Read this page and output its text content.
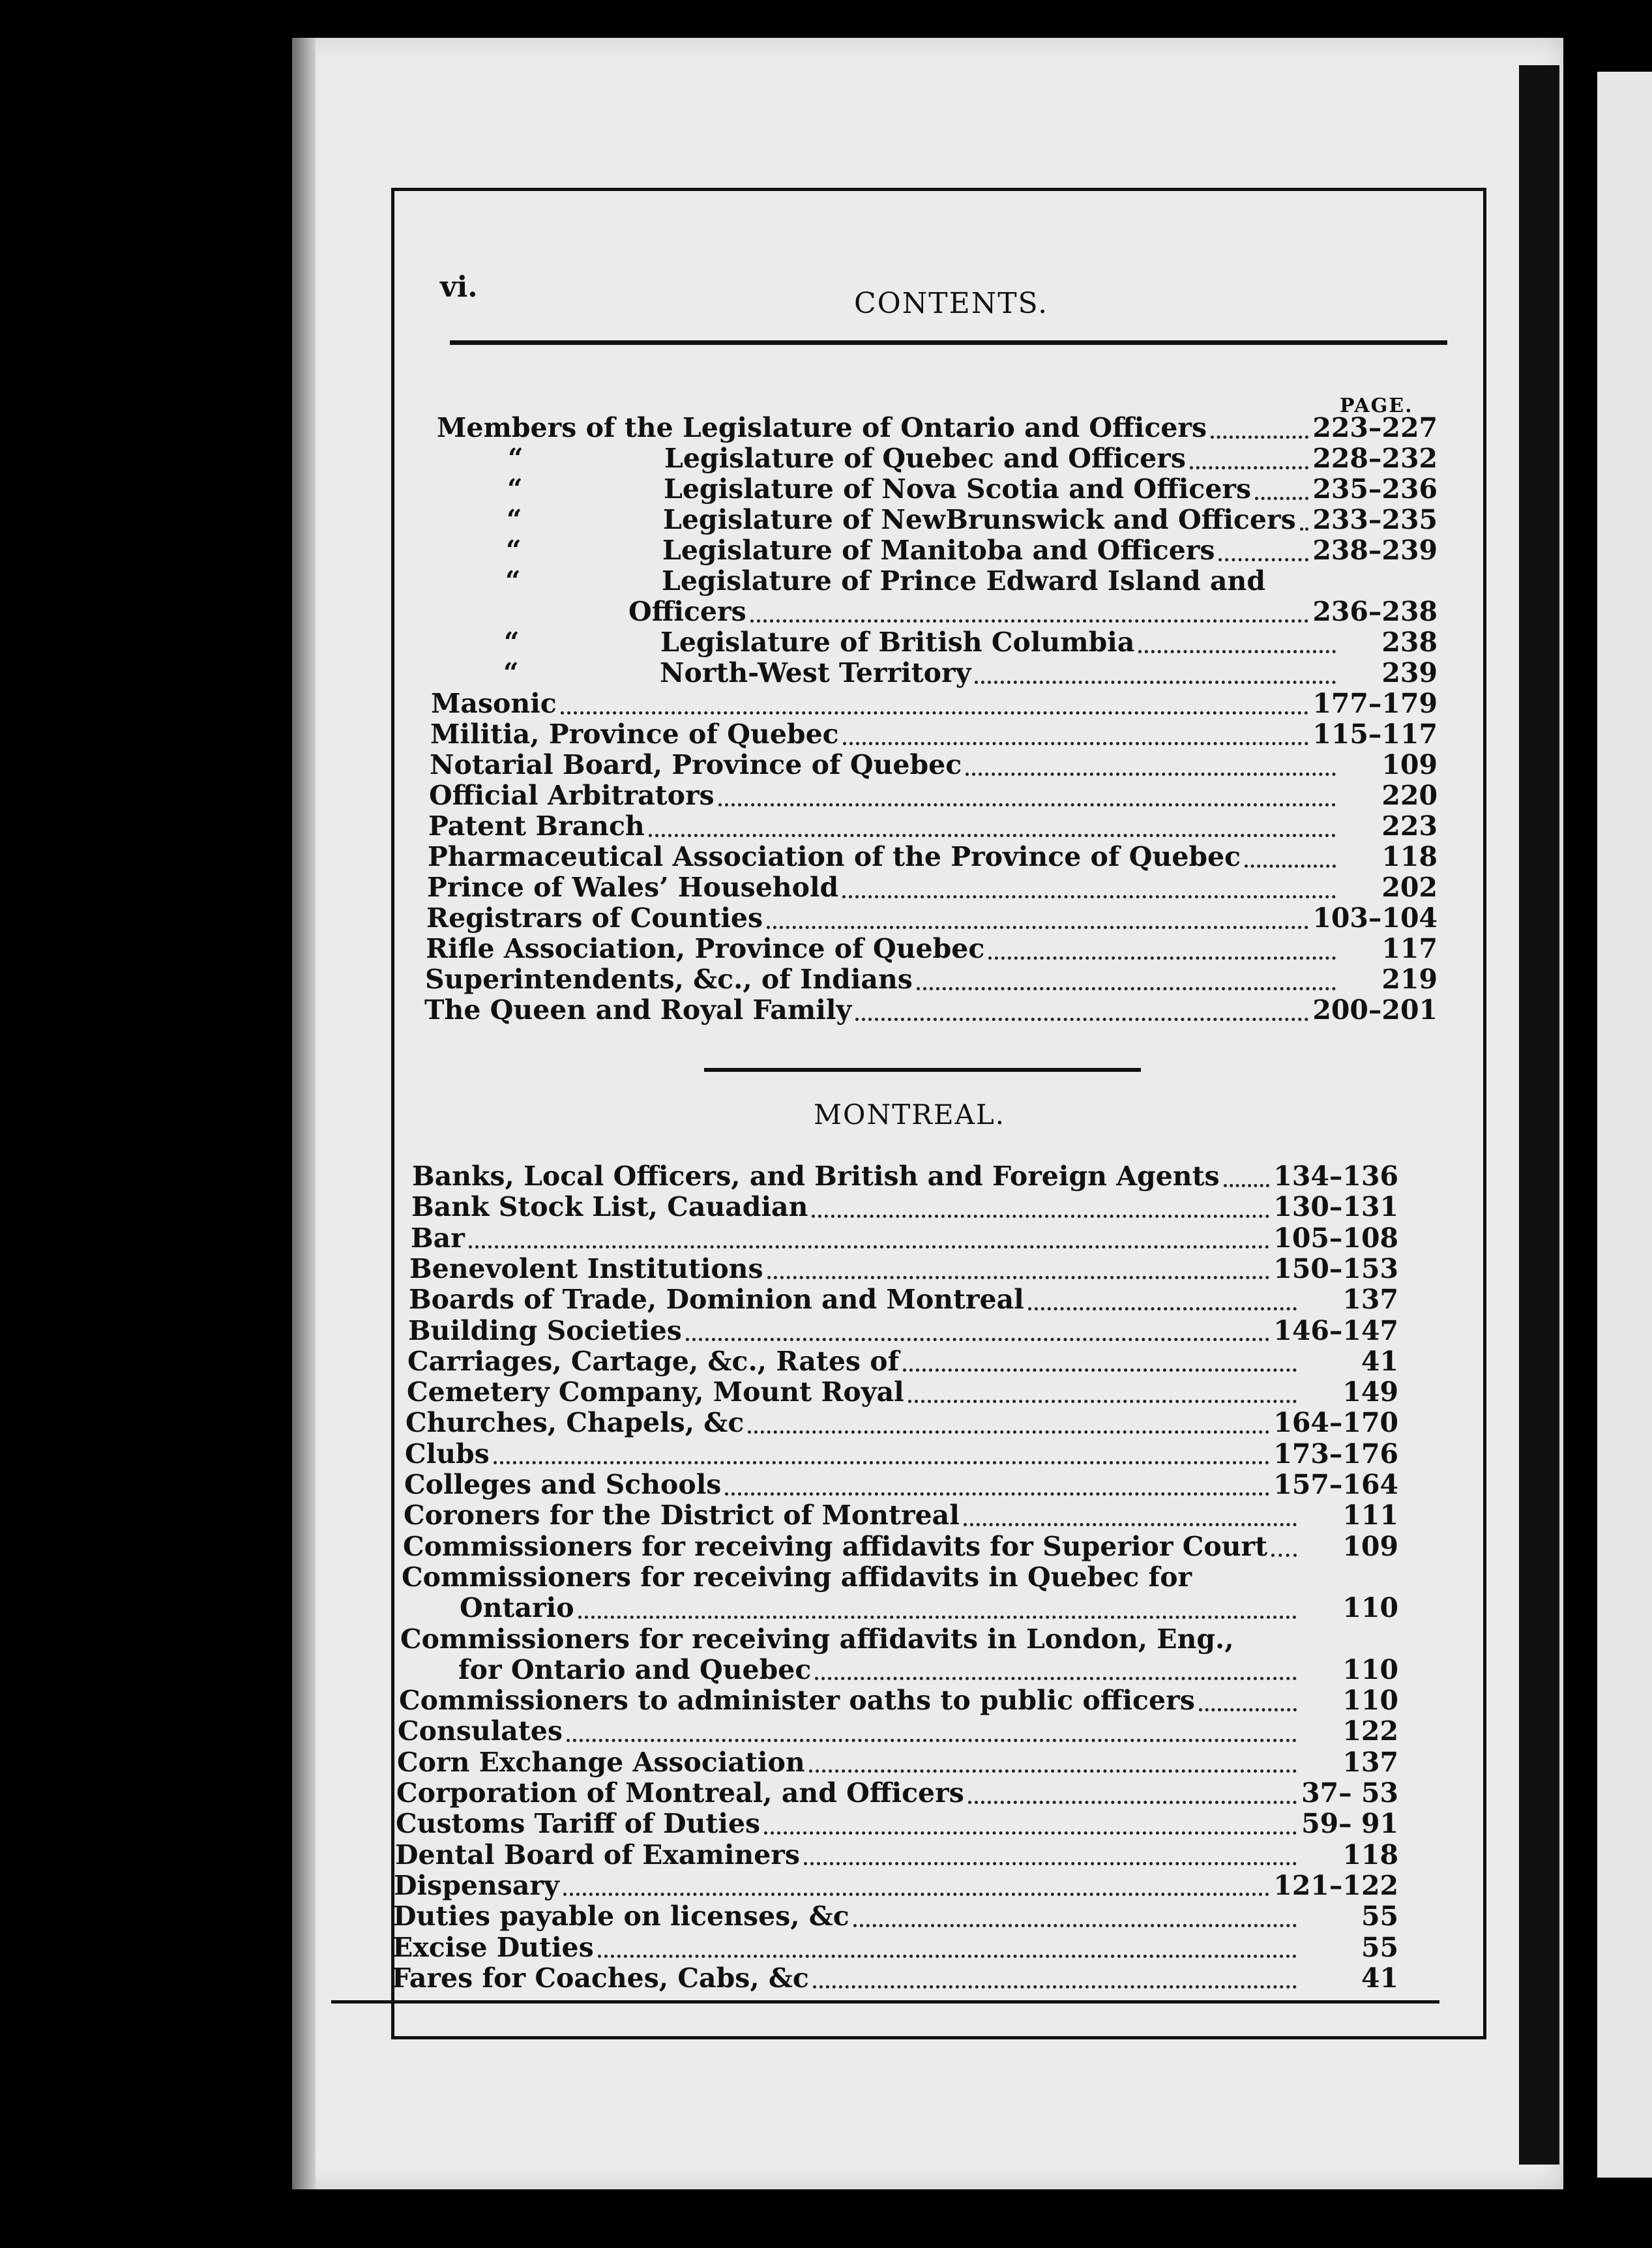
vi.	CONTENTS.
PAGE.
Members of the Legislature of Ontario and Officers	223–227
“	Legislature of Quebec and Officers	228–232
“	Legislature of Nova Scotia and Officers 235–236
“	Legislature of NewBrunswick and Officers 233–235
“	Legislature of Manitoba and Officers	238–239
“	Legislature of Prince Edward Island and
Officers	236–238
“	Legislature of British Columbia	238
“	North-West Territory	239
Masonic	177–179
Militia, Province of Quebec	115–117
Notarial Board, Province of Quebec	109
Official Arbitrators	220
Patent Branch	223
Pharmaceutical Association of the Province of Quebec	118
Prince of Wales’ Household	202
Registrars of Counties	103–104
Rifle Association, Province of Quebec	117
Superintendents, &c., of Indians	219
The Queen and Royal Family	200–201
MONTREAL.
Banks, Local Officers, and British and Foreign Agents 134–136
Bank Stock List, Cauadian	130–131
Bar	105–108
Benevolent Institutions	150–153
Boards of Trade, Dominion and Montreal	137
Building Societies	146–147
Carriages, Cartage, &c., Rates of	41
Cemetery Company, Mount Royal	149
Churches, Chapels, &c	164–170
Clubs	173–176
Colleges and Schools	157–164
Coroners for the District of Montreal	111
Commissioners for receiving affidavits for Superior Court	109
Commissioners for receiving affidavits in Quebec for
Ontario	110
Commissioners for receiving affidavits in London, Eng.,
for Ontario and Quebec	110
Commissioners to administer oaths to public officers	110
Consulates	122
Corn Exchange Association	137
Corporation of Montreal, and Officers	37– 53
Customs Tariff of Duties	59– 91
Dental Board of Examiners	118
Dispensary	121–122
Duties payable on licenses, &c	55
Excise Duties	55
Fares for Coaches, Cabs, &c	41
